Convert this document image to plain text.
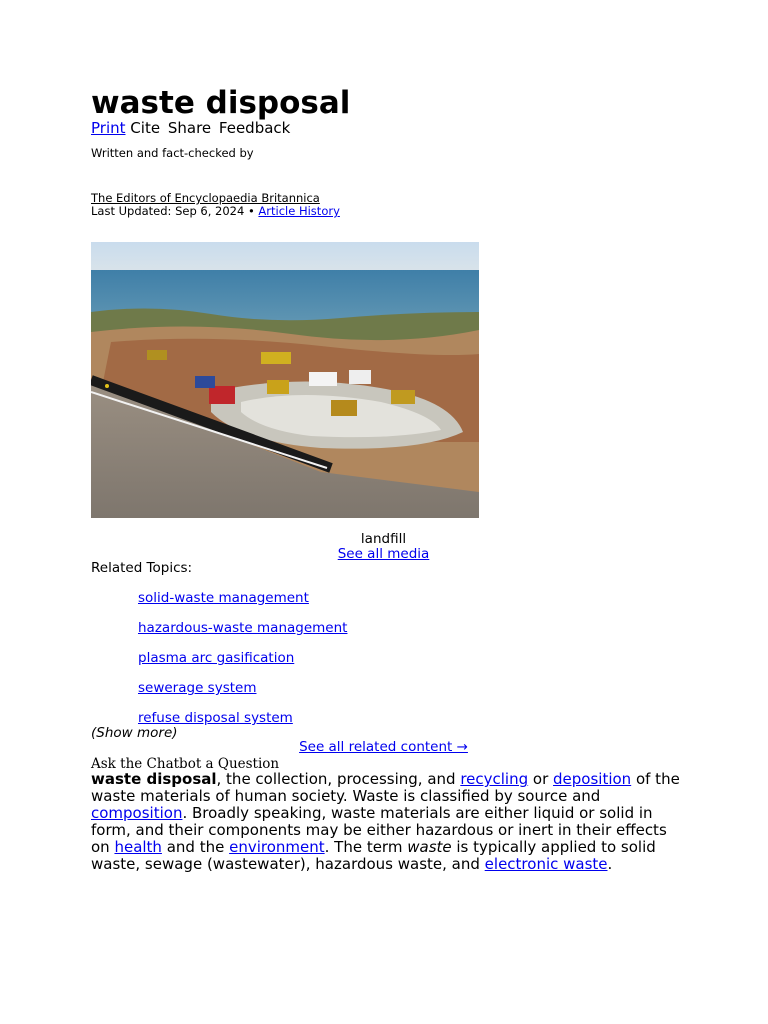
waste disposal
Print Cite Share Feedback
Written and fact-checked by
The Editors of Encyclopaedia Britannica
Last Updated: Sep 6, 2024 • Article History
landfill
See all media
Related Topics:
solid-waste management
hazardous-waste management
plasma arc gasification
sewerage system
refuse disposal system
(Show more)
See all related content →
Ask the Chatbot a Question

waste disposal, the collection, processing, and recycling or deposition of the waste materials of human society. Waste is classified by source and composition. Broadly speaking, waste materials are either liquid or solid in form, and their components may be either hazardous or inert in their effects on health and the environment. The term waste is typically applied to solid waste, sewage (wastewater), hazardous waste, and electronic waste.
